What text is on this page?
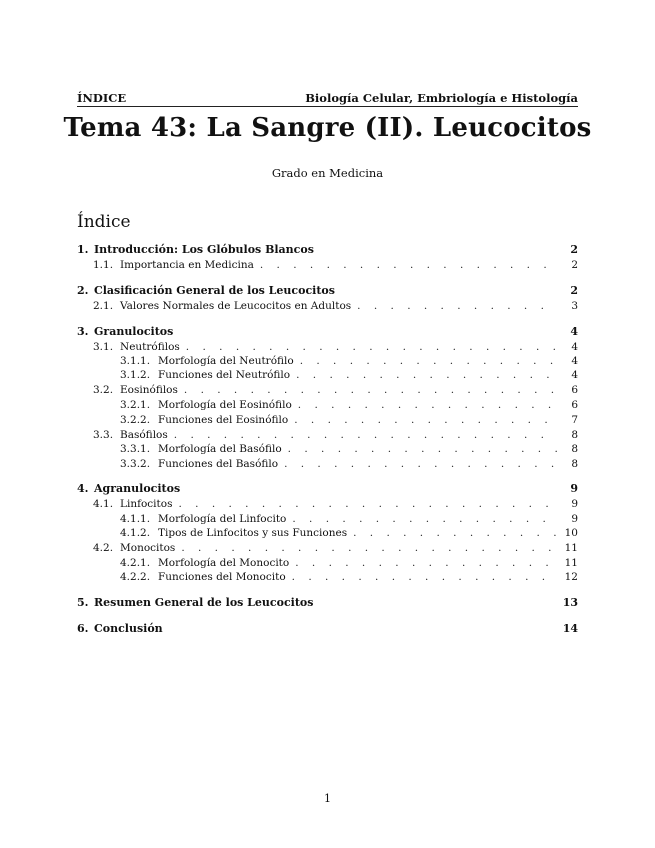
ÍNDICE	Biología Celular, Embriología e Histología
Tema 43: La Sangre (II). Leucocitos
Grado en Medicina
Índice
1. Introducción: Los Glóbulos Blancos	2
1.1. Importancia en Medicina . . .	2
2. Clasificación General de los Leucocitos	2
2.1. Valores Normales de Leucocitos en Adultos . . .	3
3. Granulocitos	4
3.1. Neutrófilos . . .	4
3.1.1. Morfología del Neutrófilo . . .	4
3.1.2. Funciones del Neutrófilo . . .	4
3.2. Eosinófilos . . .	6
3.2.1. Morfología del Eosinófilo . . .	6
3.2.2. Funciones del Eosinófilo . . .	7
3.3. Basófilos . . .	8
3.3.1. Morfología del Basófilo . . .	8
3.3.2. Funciones del Basófilo . . .	8
4. Agranulocitos	9
4.1. Linfocitos . . .	9
4.1.1. Morfología del Linfocito . . .	9
4.1.2. Tipos de Linfocitos y sus Funciones . . .	10
4.2. Monocitos . . .	11
4.2.1. Morfología del Monocito . . .	11
4.2.2. Funciones del Monocito . . .	12
5. Resumen General de los Leucocitos	13
6. Conclusión	14
1
